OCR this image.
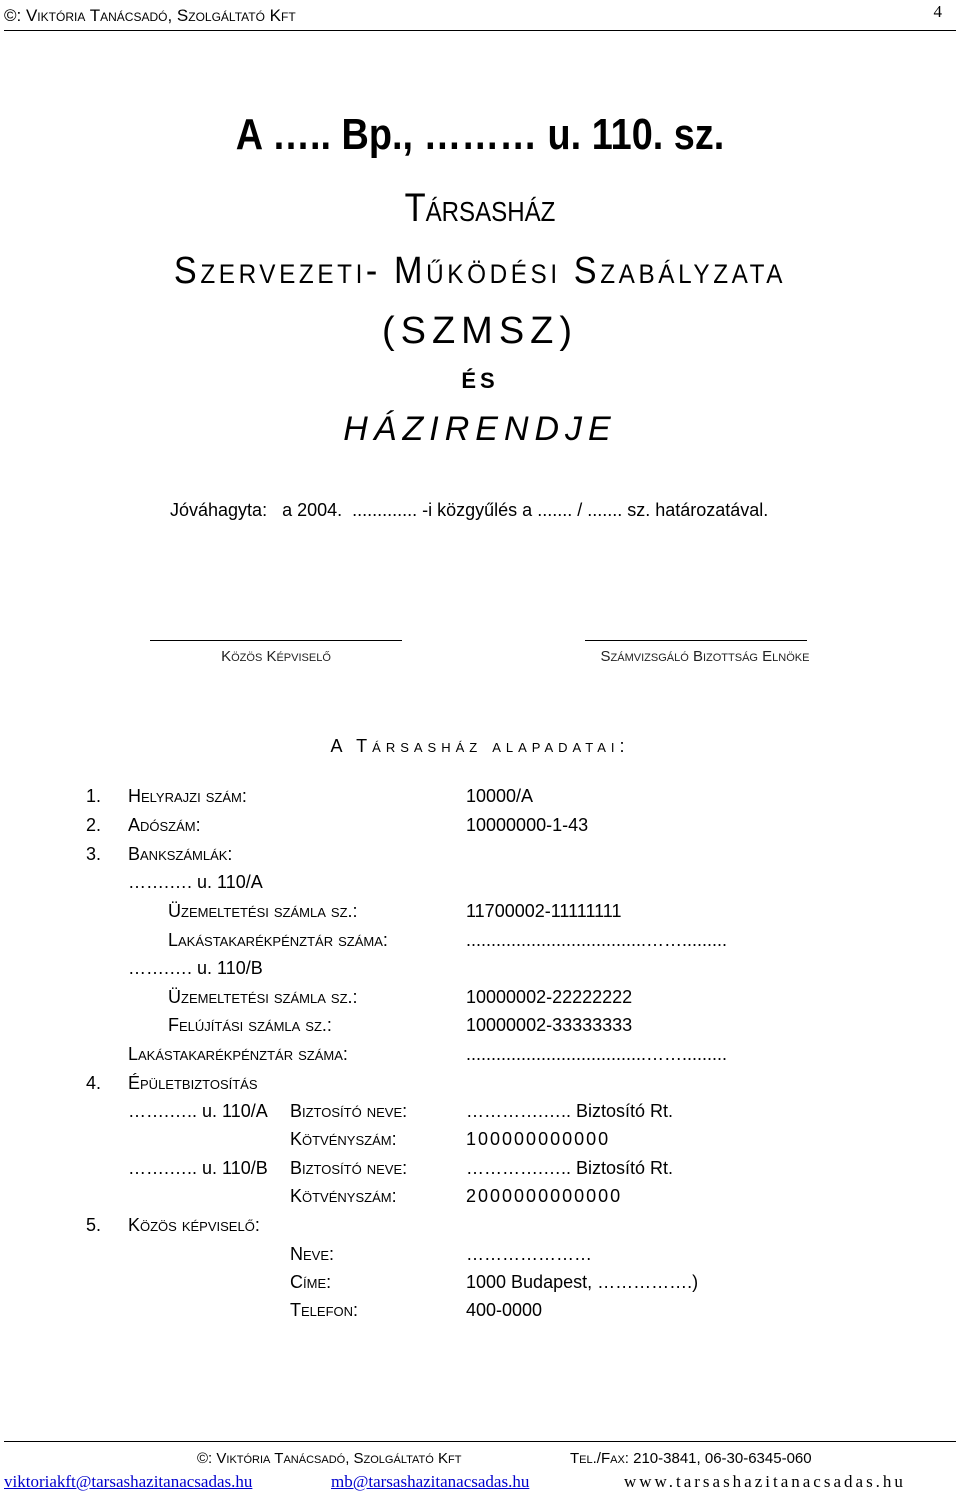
©: Viktória Tanácsadó, Szolgáltató Kft	4
A ….. Bp., ……… u. 110. sz.
Társasház
Szervezeti- Működési Szabályzata
(SZMSZ)
ÉS
HÁZIRENDJE
Jóváhagyta:   a 2004.  ............. -i közgyűlés a ....... / ....... sz. határozatával.
Közös Képviselő	Számvizsgáló Bizottság Elnöke
A Társasház alapadatai:
1. Helyrajzi szám:	10000/A
2. Adószám:	10000000-1-43
3. Bankszámlák:
…….…. u. 110/A
Üzemeltetési számla sz.:	11700002-11111111
Lakástakarékpénztár száma:	....................................…….........
…….…. u. 110/B
Üzemeltetési számla sz.:	10000002-22222222
Felújítási számla sz.:	10000002-33333333
Lakástakarékpénztár száma:	....................................…….........
4. Épületbiztosítás
…….….. u. 110/A Biztosító neve:	………….….. Biztosító Rt.
Kötvényszám:	100000000000
…….….. u. 110/B Biztosító neve:	………….….. Biztosító Rt.
Kötvényszám:	2000000000000
5. Közös képviselő:
Neve:	…………………
Címe:	1000 Budapest, …………….)
Telefon:	400-0000
©: Viktória Tanácsadó, Szolgáltató Kft	Tel./Fax: 210-3841, 06-30-6345-060
viktoriakft@tarsashazitanacsadas.hu	mb@tarsashazitanacsadas.hu	www.tarsashazitanacsadas.hu
